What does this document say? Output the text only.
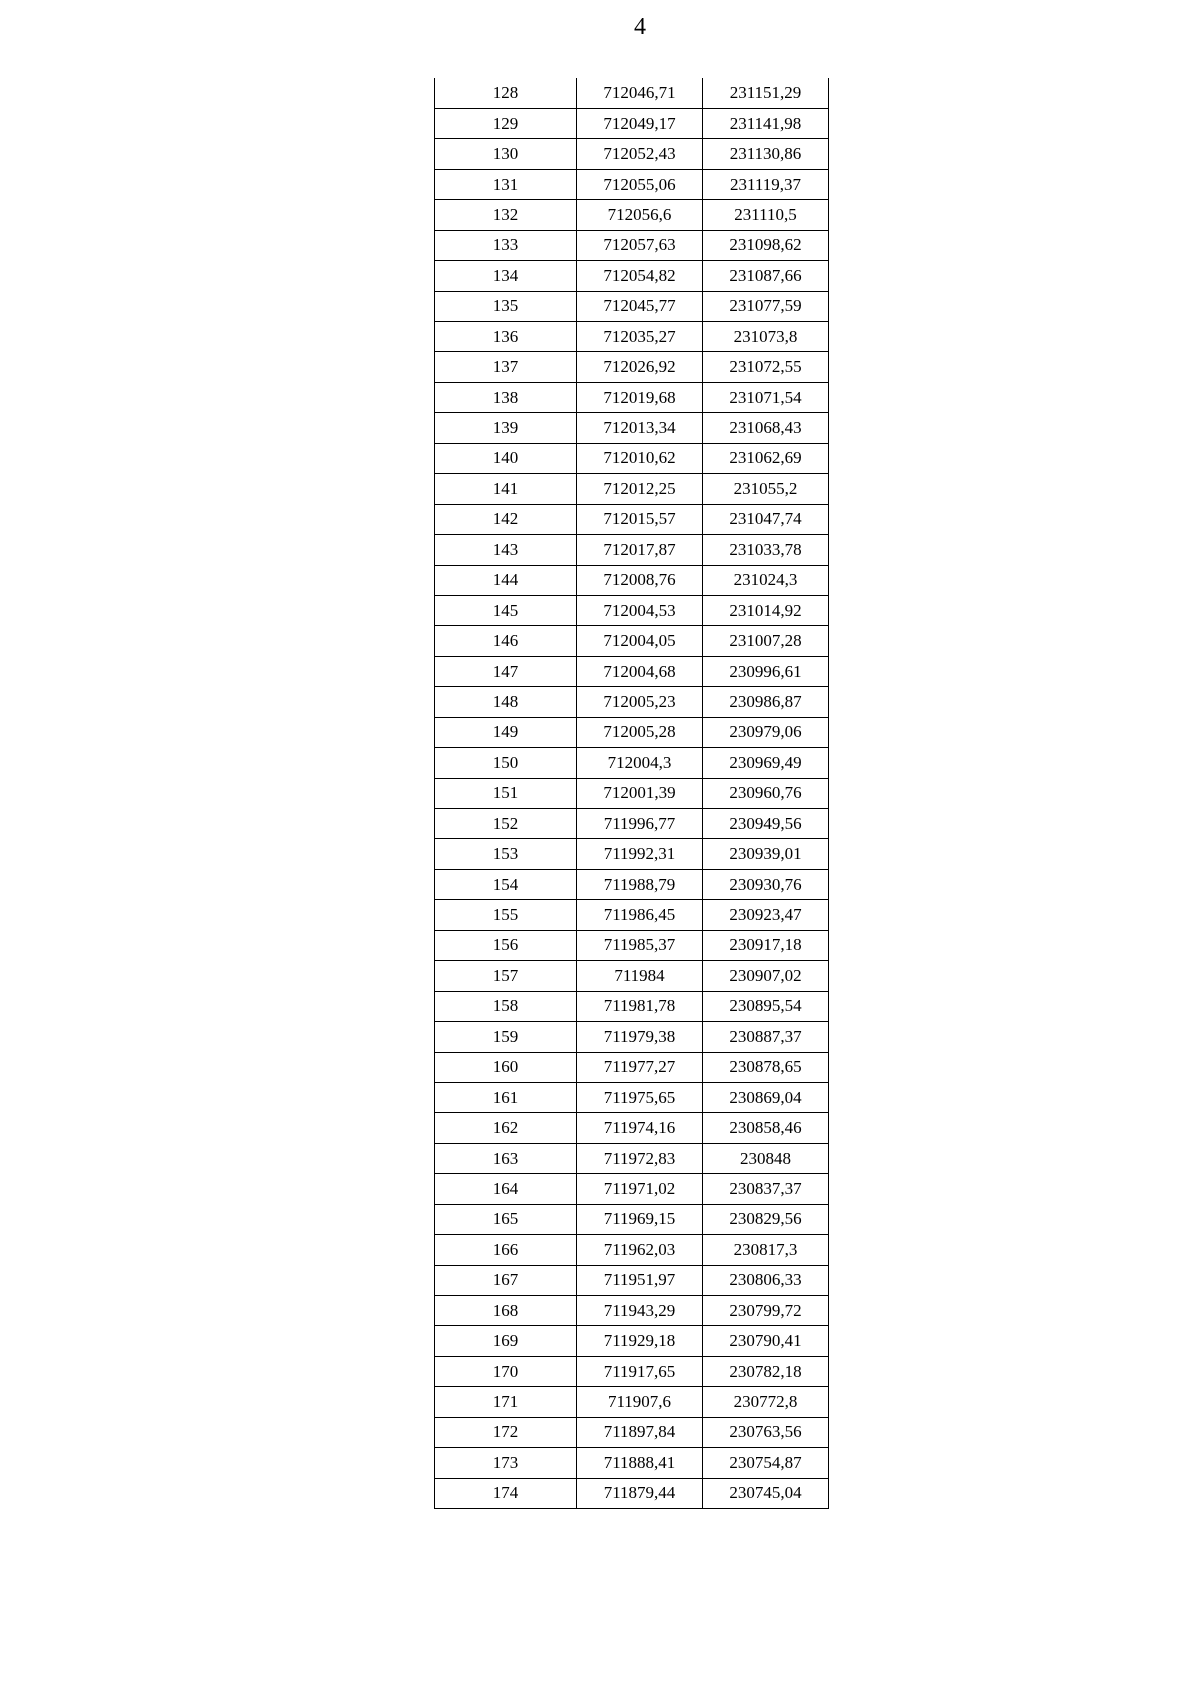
4
128	712046,71	231151,29
129	712049,17	231141,98
130	712052,43	231130,86
131	712055,06	231119,37
132	712056,6	231110,5
133	712057,63	231098,62
134	712054,82	231087,66
135	712045,77	231077,59
136	712035,27	231073,8
137	712026,92	231072,55
138	712019,68	231071,54
139	712013,34	231068,43
140	712010,62	231062,69
141	712012,25	231055,2
142	712015,57	231047,74
143	712017,87	231033,78
144	712008,76	231024,3
145	712004,53	231014,92
146	712004,05	231007,28
147	712004,68	230996,61
148	712005,23	230986,87
149	712005,28	230979,06
150	712004,3	230969,49
151	712001,39	230960,76
152	711996,77	230949,56
153	711992,31	230939,01
154	711988,79	230930,76
155	711986,45	230923,47
156	711985,37	230917,18
157	711984	230907,02
158	711981,78	230895,54
159	711979,38	230887,37
160	711977,27	230878,65
161	711975,65	230869,04
162	711974,16	230858,46
163	711972,83	230848
164	711971,02	230837,37
165	711969,15	230829,56
166	711962,03	230817,3
167	711951,97	230806,33
168	711943,29	230799,72
169	711929,18	230790,41
170	711917,65	230782,18
171	711907,6	230772,8
172	711897,84	230763,56
173	711888,41	230754,87
174	711879,44	230745,04
